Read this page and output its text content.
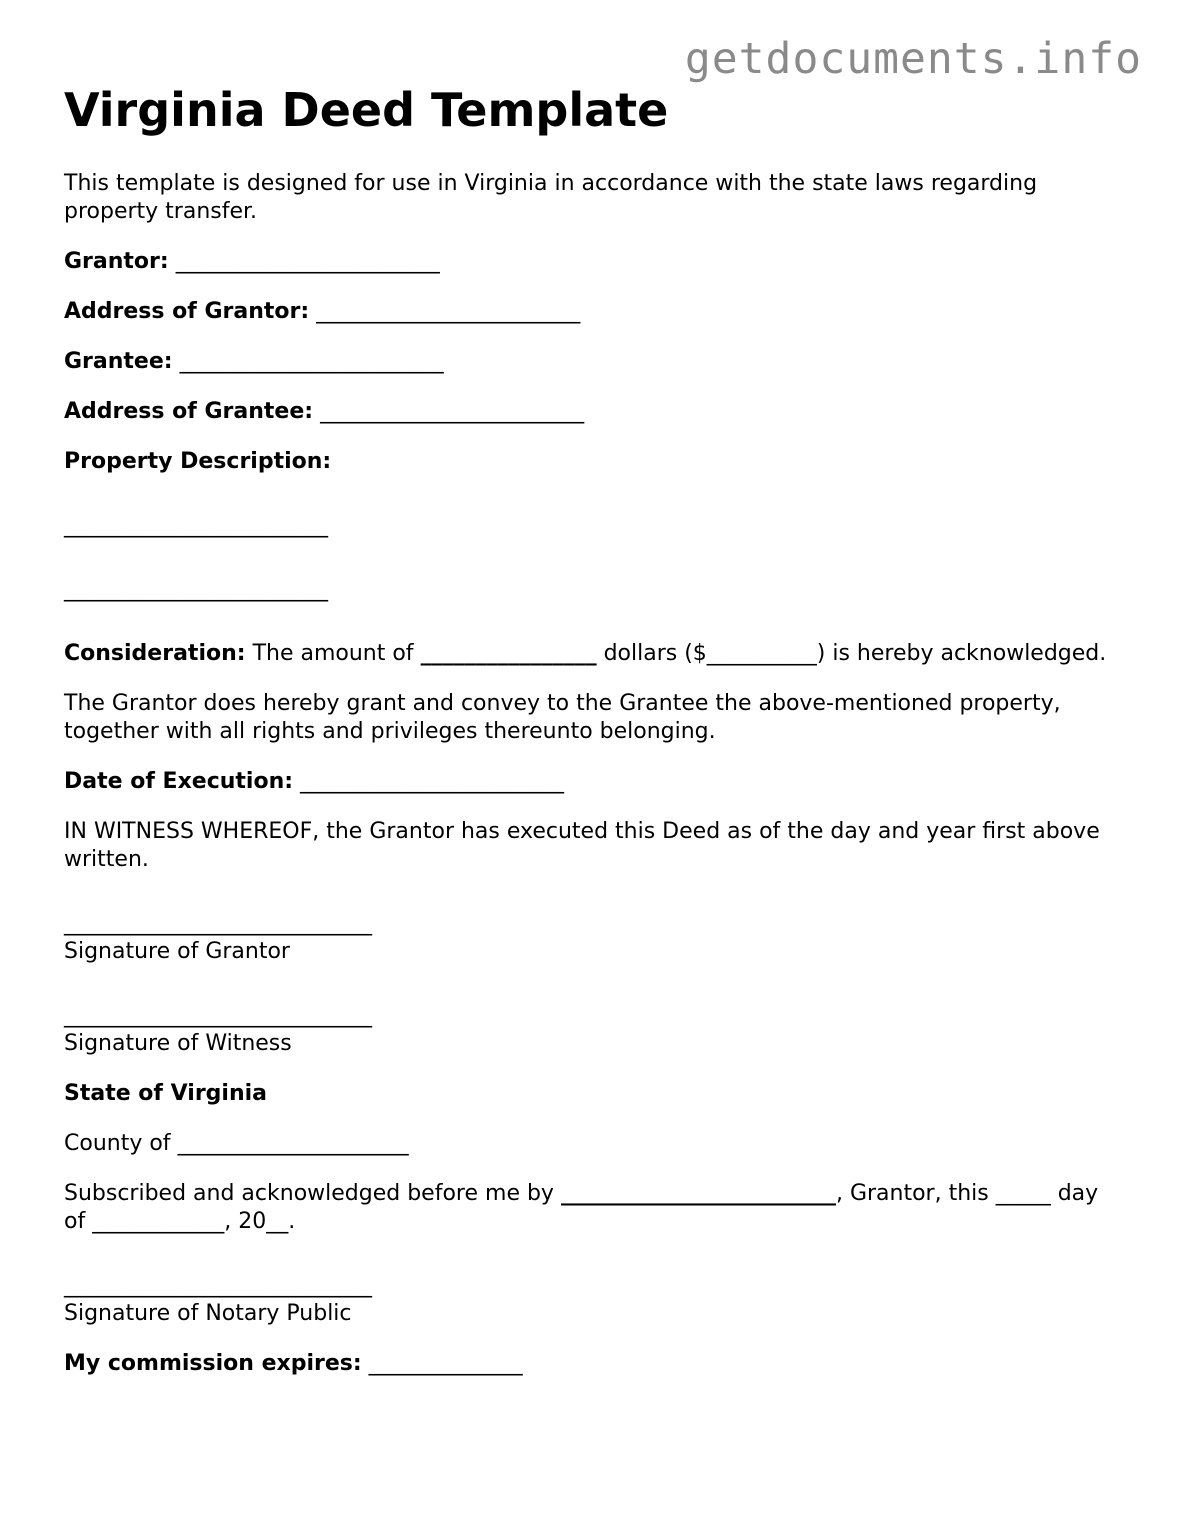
getdocuments.info
Virginia Deed Template

This template is designed for use in Virginia in accordance with the state laws regarding property transfer.

Grantor: ________________________

Address of Grantor: ________________________

Grantee: ________________________

Address of Grantee: ________________________

Property Description:

________________________

________________________

Consideration: The amount of ________________ dollars ($__________) is hereby acknowledged.

The Grantor does hereby grant and convey to the Grantee the above-mentioned property, together with all rights and privileges thereunto belonging.

Date of Execution: ________________________

IN WITNESS WHEREOF, the Grantor has executed this Deed as of the day and year first above written.

____________________________

Signature of Grantor

____________________________

Signature of Witness

State of Virginia

County of _____________________

Subscribed and acknowledged before me by _________________________, Grantor, this _____ day of ____________, 20__.

____________________________

Signature of Notary Public

My commission expires: ______________
